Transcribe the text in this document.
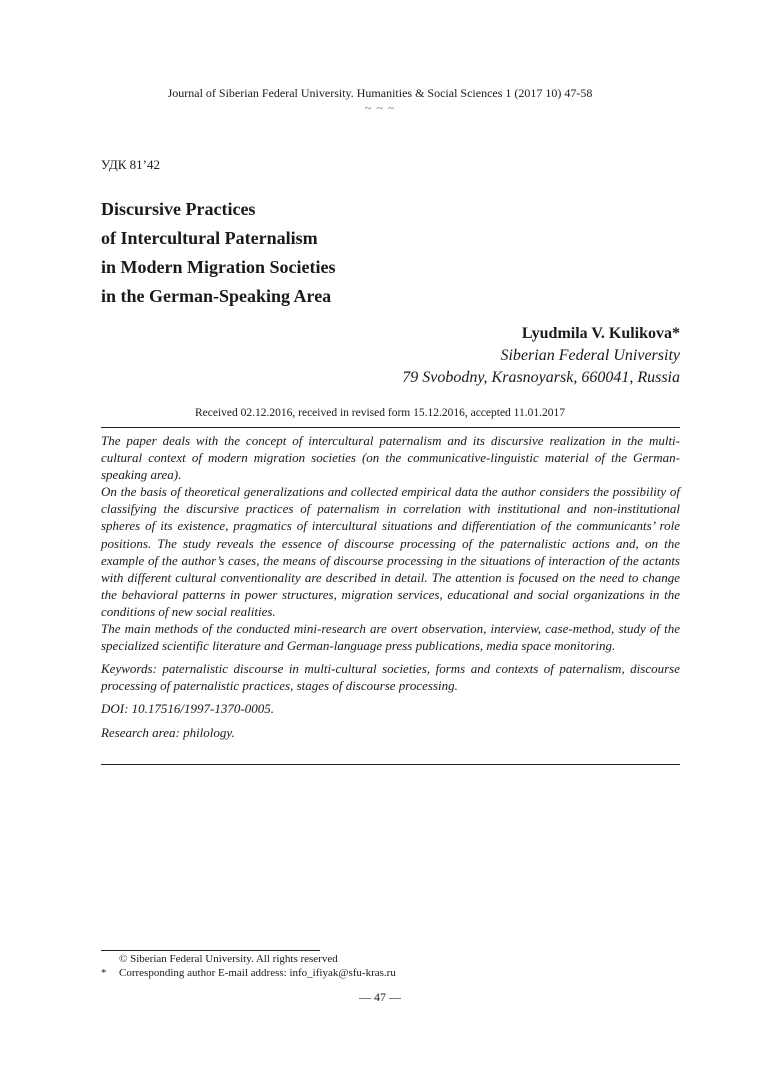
Journal of Siberian Federal University. Humanities & Social Sciences 1 (2017 10) 47-58
~ ~ ~
УДК 81’42
Discursive Practices
of Intercultural Paternalism
in Modern Migration Societies
in the German-Speaking Area
Lyudmila V. Kulikova*
Siberian Federal University
79 Svobodny, Krasnoyarsk, 660041, Russia
Received 02.12.2016, received in revised form 15.12.2016, accepted 11.01.2017

The paper deals with the concept of intercultural paternalism and its discursive realization in the multi-cultural context of modern migration societies (on the communicative-linguistic material of the German-speaking area).

On the basis of theoretical generalizations and collected empirical data the author considers the possibility of classifying the discursive practices of paternalism in correlation with institutional and non-institutional spheres of its existence, pragmatics of intercultural situations and differentiation of the communicants’ role positions. The study reveals the essence of discourse processing of the paternalistic actions and, on the example of the author’s cases, the means of discourse processing in the situations of interaction of the actants with different cultural conventionality are described in detail. The attention is focused on the need to change the behavioral patterns in power structures, migration services, educational and social organizations in the conditions of new social realities.

The main methods of the conducted mini-research are overt observation, interview, case-method, study of the specialized scientific literature and German-language press publications, media space monitoring.

Keywords: paternalistic discourse in multi-cultural societies, forms and contexts of paternalism, discourse processing of paternalistic practices, stages of discourse processing.

DOI: 10.17516/1997-1370-0005.

Research area: philology.

© Siberian Federal University. All rights reserved
* Corresponding author E-mail address: info_ifiyak@sfu-kras.ru
— 47 —
